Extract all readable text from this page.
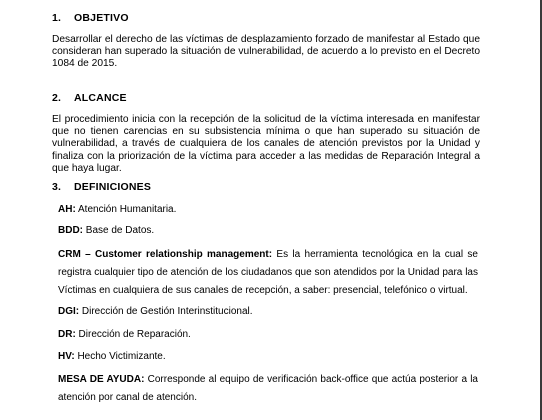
1. OBJETIVO
Desarrollar el derecho de las víctimas de desplazamiento forzado de manifestar al Estado que consideran han superado la situación de vulnerabilidad, de acuerdo a lo previsto en el Decreto 1084 de 2015.
2. ALCANCE
El procedimiento inicia con la recepción de la solicitud de la víctima interesada en manifestar que no tienen carencias en su subsistencia mínima o que han superado su situación de vulnerabilidad, a través de cualquiera de los canales de atención previstos por la Unidad y finaliza con la priorización de la víctima para acceder a las medidas de Reparación Integral a que haya lugar.
3. DEFINICIONES
AH: Atención Humanitaria.
BDD: Base de Datos.
CRM – Customer relationship management: Es la herramienta tecnológica en la cual se registra cualquier tipo de atención de los ciudadanos que son atendidos por la Unidad para las Víctimas en cualquiera de sus canales de recepción, a saber: presencial, telefónico o virtual.
DGI: Dirección de Gestión Interinstitucional.
DR: Dirección de Reparación.
HV: Hecho Victimizante.
MESA DE AYUDA: Corresponde al equipo de verificación back-office que actúa posterior a la atención por canal de atención.
